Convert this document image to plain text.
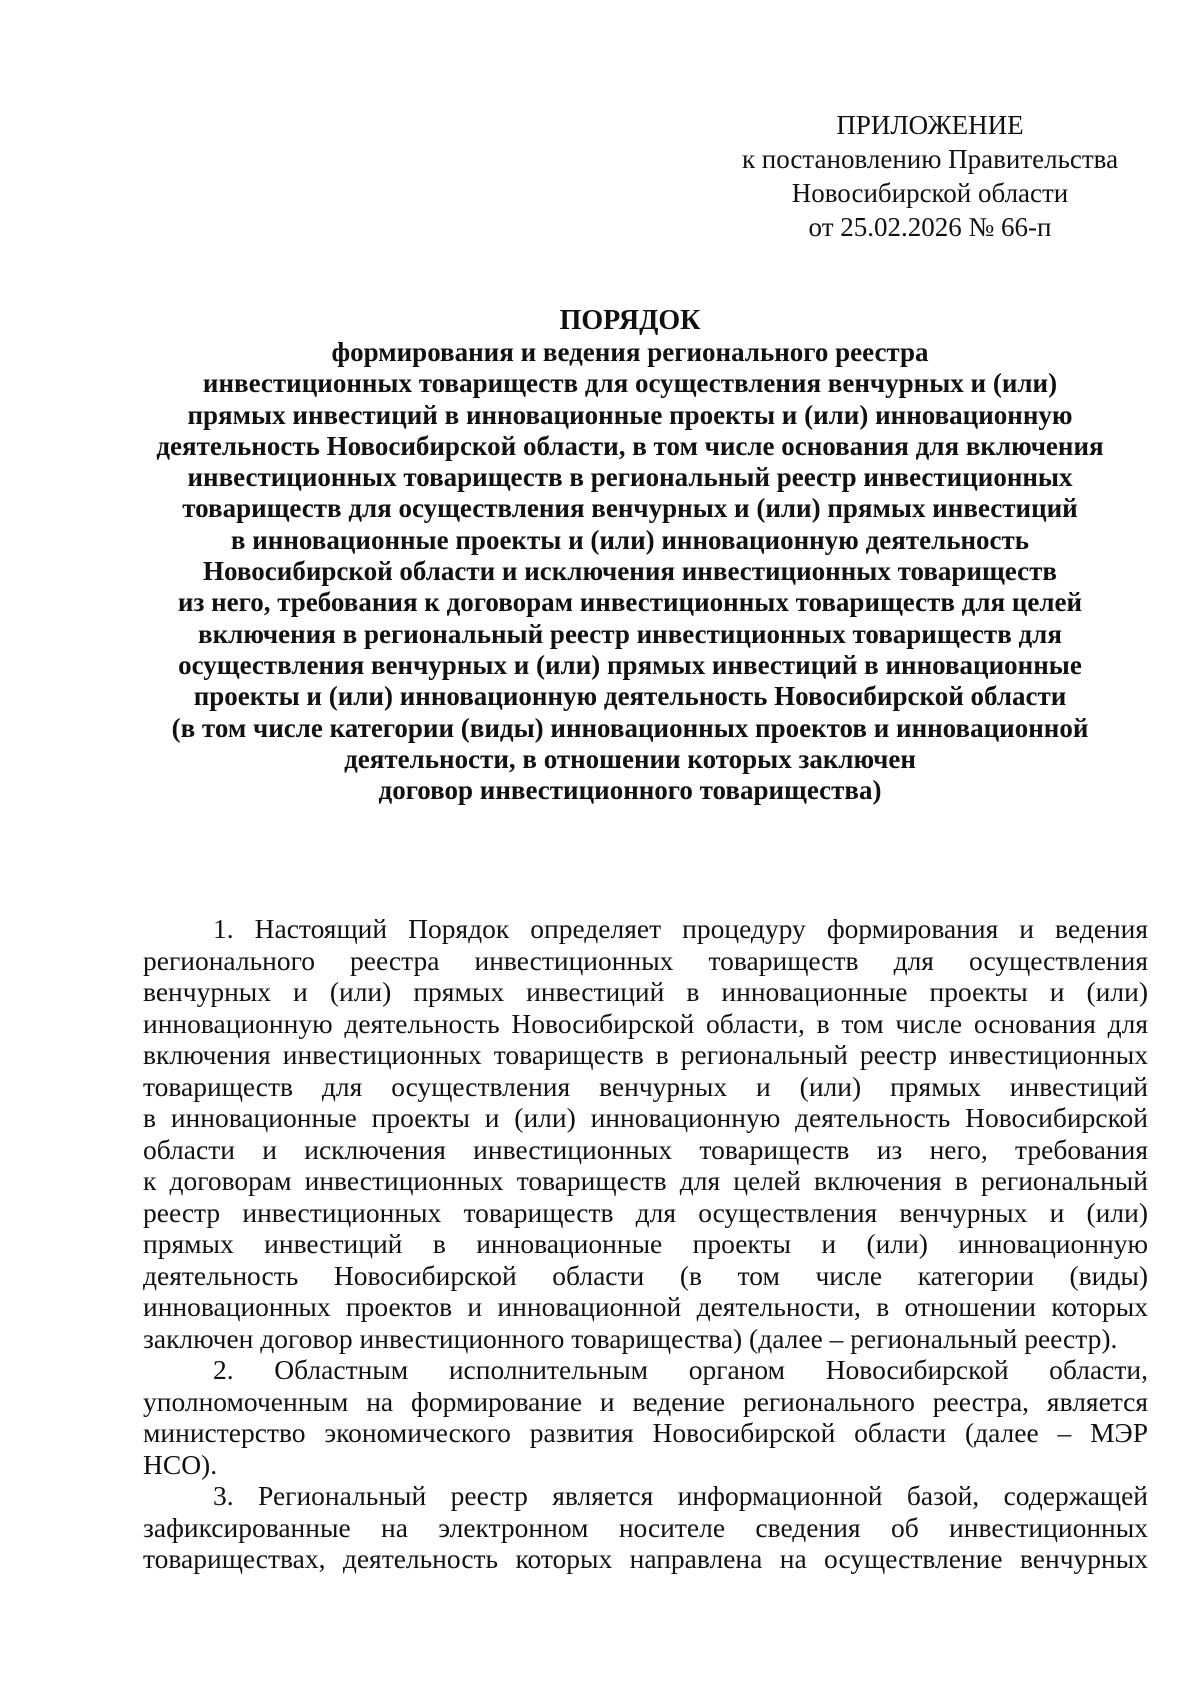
ПРИЛОЖЕНИЕ
к постановлению Правительства
Новосибирской области
от 25.02.2026 № 66-п
ПОРЯДОК
формирования и ведения регионального реестра
инвестиционных товариществ для осуществления венчурных и (или)
прямых инвестиций в инновационные проекты и (или) инновационную
деятельность Новосибирской области, в том числе основания для включения
инвестиционных товариществ в региональный реестр инвестиционных
товариществ для осуществления венчурных и (или) прямых инвестиций
в инновационные проекты и (или) инновационную деятельность
Новосибирской области и исключения инвестиционных товариществ
из него, требования к договорам инвестиционных товариществ для целей
включения в региональный реестр инвестиционных товариществ для
осуществления венчурных и (или) прямых инвестиций в инновационные
проекты и (или) инновационную деятельность Новосибирской области
(в том числе категории (виды) инновационных проектов и инновационной
деятельности, в отношении которых заключен
договор инвестиционного товарищества)
1. Настоящий Порядок определяет процедуру формирования и ведения
регионального реестра инвестиционных товариществ для осуществления
венчурных и (или) прямых инвестиций в инновационные проекты и (или)
инновационную деятельность Новосибирской области, в том числе основания для
включения инвестиционных товариществ в региональный реестр инвестиционных
товариществ для осуществления венчурных и (или) прямых инвестиций
в инновационные проекты и (или) инновационную деятельность Новосибирской
области и исключения инвестиционных товариществ из него, требования
к договорам инвестиционных товариществ для целей включения в региональный
реестр инвестиционных товариществ для осуществления венчурных и (или)
прямых инвестиций в инновационные проекты и (или) инновационную
деятельность Новосибирской области (в том числе категории (виды)
инновационных проектов и инновационной деятельности, в отношении которых
заключен договор инвестиционного товарищества) (далее – региональный реестр).
2. Областным исполнительным органом Новосибирской области,
уполномоченным на формирование и ведение регионального реестра, является
министерство экономического развития Новосибирской области (далее – МЭР
НСО).
3. Региональный реестр является информационной базой, содержащей
зафиксированные на электронном носителе сведения об инвестиционных
товариществах, деятельность которых направлена на осуществление венчурных
